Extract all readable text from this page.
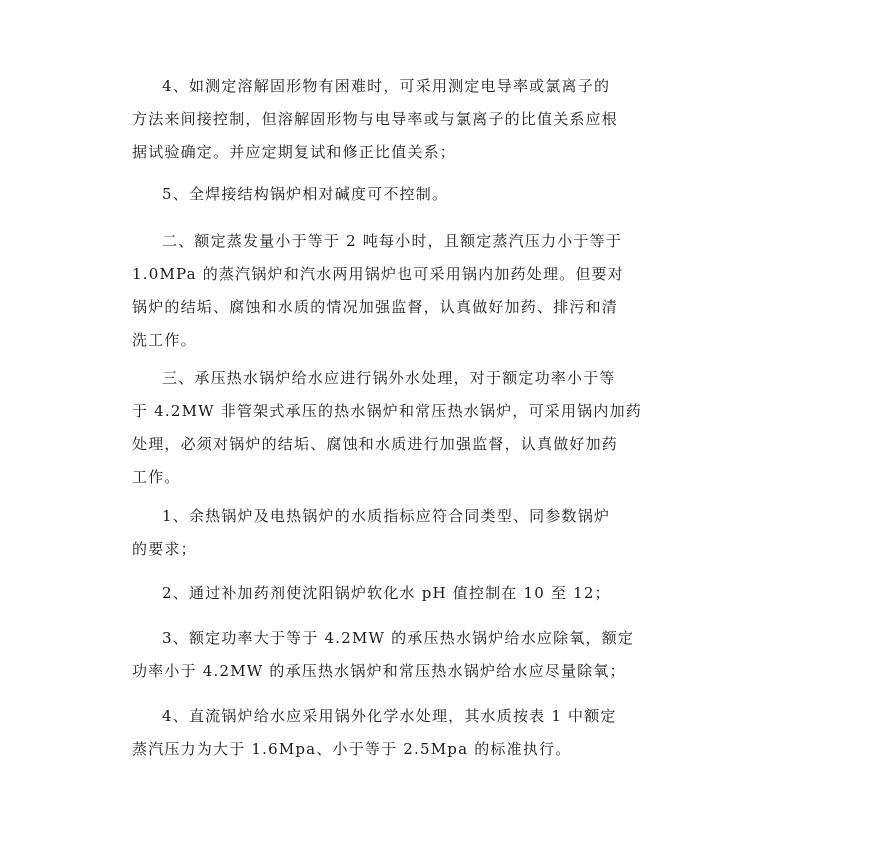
4、如测定溶解固形物有困难时，可采用测定电导率或氯离子的
方法来间接控制，但溶解固形物与电导率或与氯离子的比值关系应根
据试验确定。并应定期复试和修正比值关系；
5、全焊接结构锅炉相对碱度可不控制。
二、额定蒸发量小于等于 2 吨每小时，且额定蒸汽压力小于等于
1.0MPa 的蒸汽锅炉和汽水两用锅炉也可采用锅内加药处理。但要对
锅炉的结垢、腐蚀和水质的情况加强监督，认真做好加药、排污和清
洗工作。
三、承压热水锅炉给水应进行锅外水处理，对于额定功率小于等
于 4.2MW 非管架式承压的热水锅炉和常压热水锅炉，可采用锅内加药
处理，必须对锅炉的结垢、腐蚀和水质进行加强监督，认真做好加药
工作。
1、余热锅炉及电热锅炉的水质指标应符合同类型、同参数锅炉
的要求；
2、通过补加药剂使沈阳锅炉软化水 pH 值控制在 10 至 12；
3、额定功率大于等于 4.2MW 的承压热水锅炉给水应除氧，额定
功率小于 4.2MW 的承压热水锅炉和常压热水锅炉给水应尽量除氧；
4、直流锅炉给水应采用锅外化学水处理，其水质按表 1 中额定
蒸汽压力为大于 1.6Mpa、小于等于 2.5Mpa 的标准执行。
